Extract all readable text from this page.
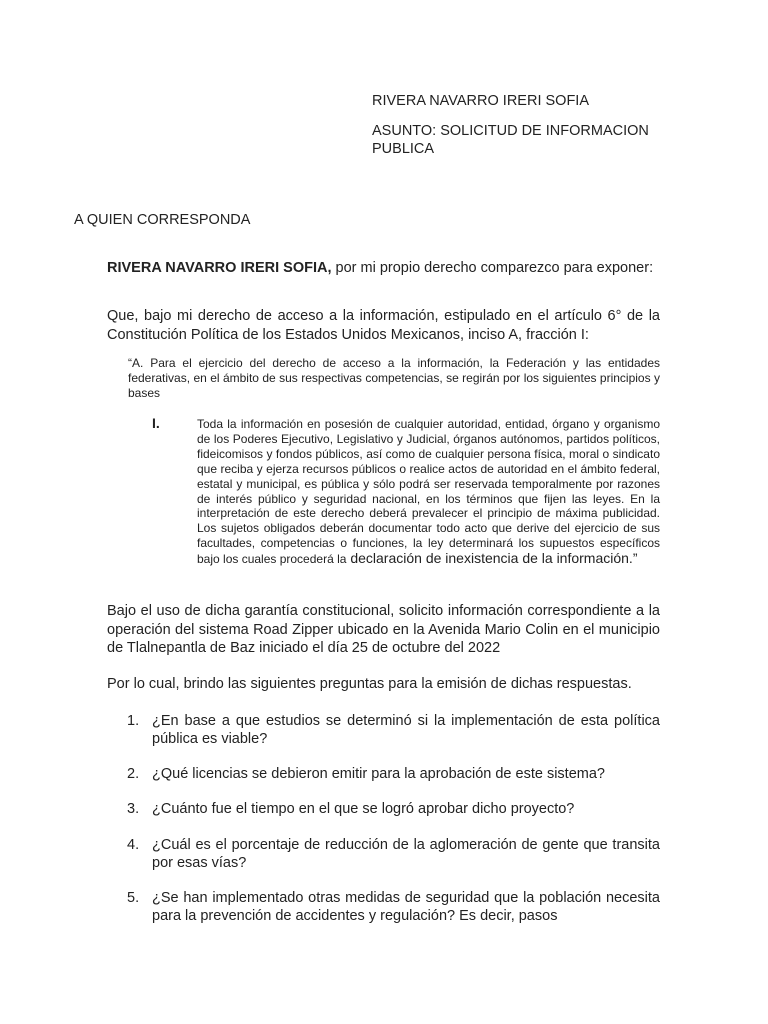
RIVERA NAVARRO IRERI SOFIA
ASUNTO: SOLICITUD DE INFORMACION PUBLICA
A QUIEN CORRESPONDA
RIVERA NAVARRO IRERI SOFIA, por mi propio derecho comparezco para exponer:
Que, bajo mi derecho de acceso a la información, estipulado en el artículo 6° de la Constitución Política de los Estados Unidos Mexicanos, inciso A, fracción I:
“A. Para el ejercicio del derecho de acceso a la información, la Federación y las entidades federativas, en el ámbito de sus respectivas competencias, se regirán por los siguientes principios y bases
I.	Toda la información en posesión de cualquier autoridad, entidad, órgano y organismo de los Poderes Ejecutivo, Legislativo y Judicial, órganos autónomos, partidos políticos, fideicomisos y fondos públicos, así como de cualquier persona física, moral o sindicato que reciba y ejerza recursos públicos o realice actos de autoridad en el ámbito federal, estatal y municipal, es pública y sólo podrá ser reservada temporalmente por razones de interés público y seguridad nacional, en los términos que fijen las leyes. En la interpretación de este derecho deberá prevalecer el principio de máxima publicidad. Los sujetos obligados deberán documentar todo acto que derive del ejercicio de sus facultades, competencias o funciones, la ley determinará los supuestos específicos bajo los cuales procederá la declaración de inexistencia de la información.”
Bajo el uso de dicha garantía constitucional, solicito información correspondiente a la operación del sistema Road Zipper ubicado en la Avenida Mario Colin en el municipio de Tlalnepantla de Baz iniciado el día 25 de octubre del 2022
Por lo cual, brindo las siguientes preguntas para la emisión de dichas respuestas.
1. ¿En base a que estudios se determinó si la implementación de esta política pública es viable?
2. ¿Qué licencias se debieron emitir para la aprobación de este sistema?
3. ¿Cuánto fue el tiempo en el que se logró aprobar dicho proyecto?
4. ¿Cuál es el porcentaje de reducción de la aglomeración de gente que transita por esas vías?
5. ¿Se han implementado otras medidas de seguridad que la población necesita para la prevención de accidentes y regulación? Es decir, pasos
